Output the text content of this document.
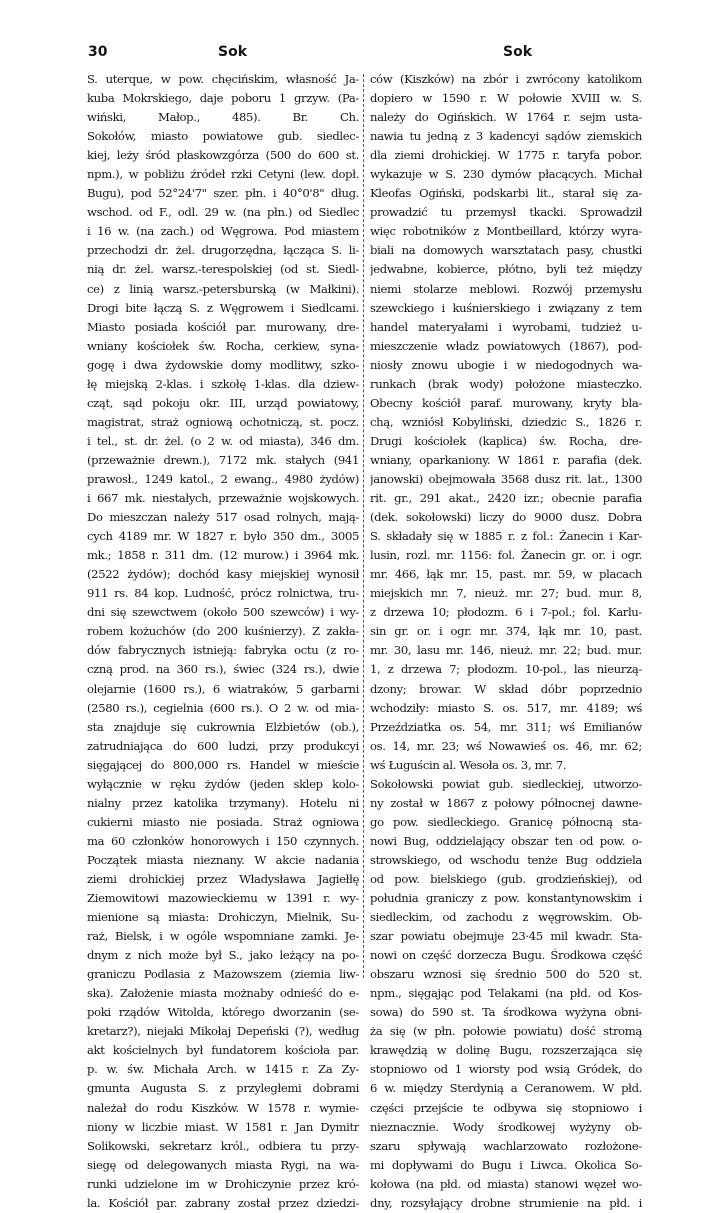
30	Sok	Sok
S. uterque, w pow. chęcińskim, własność Ja-
kuba Mokrskiego, daje poboru 1 grzyw. (Pa-
wiński, Małop., 485). Br. Ch.
Sokołów, miasto powiatowe gub. siedlec-
kiej, leży śród płaskowzgórza (500 do 600 st.
npm.), w pobliżu źródeł rzki Cetyni (lew. dopł.
Bugu), pod 52°24'7" szer. płn. i 40°0'8" dług.
wschod. od F., odl. 29 w. (na płn.) od Siedlec
i 16 w. (na zach.) od Węgrowa. Pod miastem
przechodzi dr. żel. drugorzędna, łącząca S. li-
nią dr. żel. warsz.-terespolskiej (od st. Siedl-
ce) z linią warsz.-petersburską (w Małkini).
Drogi bite łączą S. z Węgrowem i Siedlcami.
Miasto posiada kościół par. murowany, dre-
wniany kościołek św. Rocha, cerkiew, syna-
gogę i dwa żydowskie domy modlitwy, szko-
łę miejską 2-klas. i szkołę 1-klas. dla dziew-
cząt, sąd pokoju okr. III, urząd powiatowy,
magistrat, straż ogniową ochotniczą, st. pocz.
i tel., st. dr. żel. (o 2 w. od miasta), 346 dm.
(przeważnie drewn.), 7172 mk. stałych (941
prawosł., 1249 katol., 2 ewang., 4980 żydów)
i 667 mk. niestałych, przeważnie wojskowych.
Do mieszczan należy 517 osad rolnych, mają-
cych 4189 mr. W 1827 r. było 350 dm., 3005
mk.; 1858 r. 311 dm. (12 murow.) i 3964 mk.
(2522 żydów); dochód kasy miejskiej wynosił
911 rs. 84 kop. Ludność, prócz rolnictwa, tru-
dni się szewctwem (około 500 szewców) i wy-
robem kożuchów (do 200 kuśnierzy). Z zakła-
dów fabrycznych istnieją: fabryka octu (z ro-
czną prod. na 360 rs.), świec (324 rs.), dwie
olejarnie (1600 rs.), 6 wiatraków, 5 garbarni
(2580 rs.), cegielnia (600 rs.). O 2 w. od mia-
sta znajduje się cukrownia Elżbietów (ob.),
zatrudniająca do 600 ludzi, przy produkcyi
sięgającej do 800,000 rs. Handel w mieście
wyłącznie w ręku żydów (jeden sklep kolo-
nialny przez katolika trzymany). Hotelu ni
cukierni miasto nie posiada. Straż ogniowa
ma 60 członków honorowych i 150 czynnych.
Początek miasta nieznany. W akcie nadania
ziemi drohickiej przez Władysława Jagiełłę
Ziemowitowi mazowieckiemu w 1391 r. wy-
mienione są miasta: Drohiczyn, Mielnik, Su-
raż, Bielsk, i w ogóle wspomniane zamki. Je-
dnym z nich może był S., jako leżący na po-
graniczu Podlasia z Mazowszem (ziemia liw-
ska). Założenie miasta możnaby odnieść do e-
poki rządów Witolda, którego dworzanin (se-
kretarz?), niejaki Mikołaj Depeński (?), według
akt kościelnych był fundatorem kościoła par.
p. w. św. Michała Arch. w 1415 r. Za Zy-
gmunta Augusta S. z przyległemi dobrami
należał do rodu Kiszków. W 1578 r. wymie-
niony w liczbie miast. W 1581 r. Jan Dymitr
Solikowski, sekretarz król., odbiera tu przy-
siegę od delegowanych miasta Rygi, na wa-
runki udzielone im w Drohiczynie przez kró-
la. Kościół par. zabrany został przez dziedzi-
ców (Kiszków) na zbór i zwrócony katolikom
dopiero w 1590 r. W połowie XVIII w. S.
należy do Ogińskich. W 1764 r. sejm usta-
nawia tu jedną z 3 kadencyi sądów ziemskich
dla ziemi drohickiej. W 1775 r. taryfa pobor.
wykazuje w S. 230 dymów płacących. Michał
Kleofas Ogiński, podskarbi lit., starał się za-
prowadzić tu przemysł tkacki. Sprowadził
więc robotników z Montbeillard, którzy wyra-
biali na domowych warsztatach pasy, chustki
jedwabne, kobierce, płótno, byli też między
niemi stolarze meblowi. Rozwój przemysłu
szewckiego i kuśnierskiego i związany z tem
handel materyałami i wyrobami, tudzież u-
mieszczenie władz powiatowych (1867), pod-
niosły znowu ubogie i w niedogodnych wa-
runkach (brak wody) położone miasteczko.
Obecny kościół paraf. murowany, kryty bla-
chą, wzniósł Kobyliński, dziedzic S., 1826 r.
Drugi kościołek (kaplica) św. Rocha, dre-
wniany, oparkaniony. W 1861 r. parafia (dek.
janowski) obejmowała 3568 dusz rit. lat., 1300
rit. gr., 291 akat., 2420 izr.; obecnie parafia
(dek. sokołowski) liczy do 9000 dusz. Dobra
S. składały się w 1885 r. z fol.: Żanecin i Kar-
lusin, rozl. mr. 1156: fol. Żanecin gr. or. i ogr.
mr. 466, łąk mr. 15, past. mr. 59, w placach
miejskich mr. 7, nieuż. mr. 27; bud. mur. 8,
z drzewa 10; płodozm. 6 i 7-pol.; fol. Karlu-
sin gr. or. i ogr. mr. 374, łąk mr. 10, past.
mr. 30, lasu mr. 146, nieuż. mr. 22; bud. mur.
1, z drzewa 7; płodozm. 10-pol., las nieurzą-
dzony; browar. W skład dóbr poprzednio
wchodziły: miasto S. os. 517, mr. 4189; wś
Przeździatka os. 54, mr. 311; wś Emilianów
os. 14, mr. 23; wś Nowawieś os. 46, mr. 62;
wś Ługuścin al. Wesoła os. 3, mr. 7.
Sokołowski powiat gub. siedleckiej, utworzo-
ny został w 1867 z połowy północnej dawne-
go pow. siedleckiego. Granicę północną sta-
nowi Bug, oddzielający obszar ten od pow. o-
strowskiego, od wschodu tenże Bug oddziela
od pow. bielskiego (gub. grodzieńskiej), od
południa graniczy z pow. konstantynowskim i
siedleckim, od zachodu z węgrowskim. Ob-
szar powiatu obejmuje 23·45 mil kwadr. Sta-
nowi on część dorzecza Bugu. Środkowa część
obszaru wznosi się średnio 500 do 520 st.
npm., sięgając pod Telakami (na płd. od Kos-
sowa) do 590 st. Ta środkowa wyżyna obni-
ża się (w płn. połowie powiatu) dość stromą
krawędzią w dolinę Bugu, rozszerzająca się
stopniowo od 1 wiorsty pod wsią Gródek, do
6 w. między Sterdynią a Ceranowem. W płd.
części przejście te odbywa się stopniowo i
nieznacznie. Wody środkowej wyżyny ob-
szaru spływają wachlarzowato rozłożone-
mi dopływami do Bugu i Liwca. Okolica So-
kołowa (na płd. od miasta) stanowi węzeł wo-
dny, rozsyłający drobne strumienie na płd. i
